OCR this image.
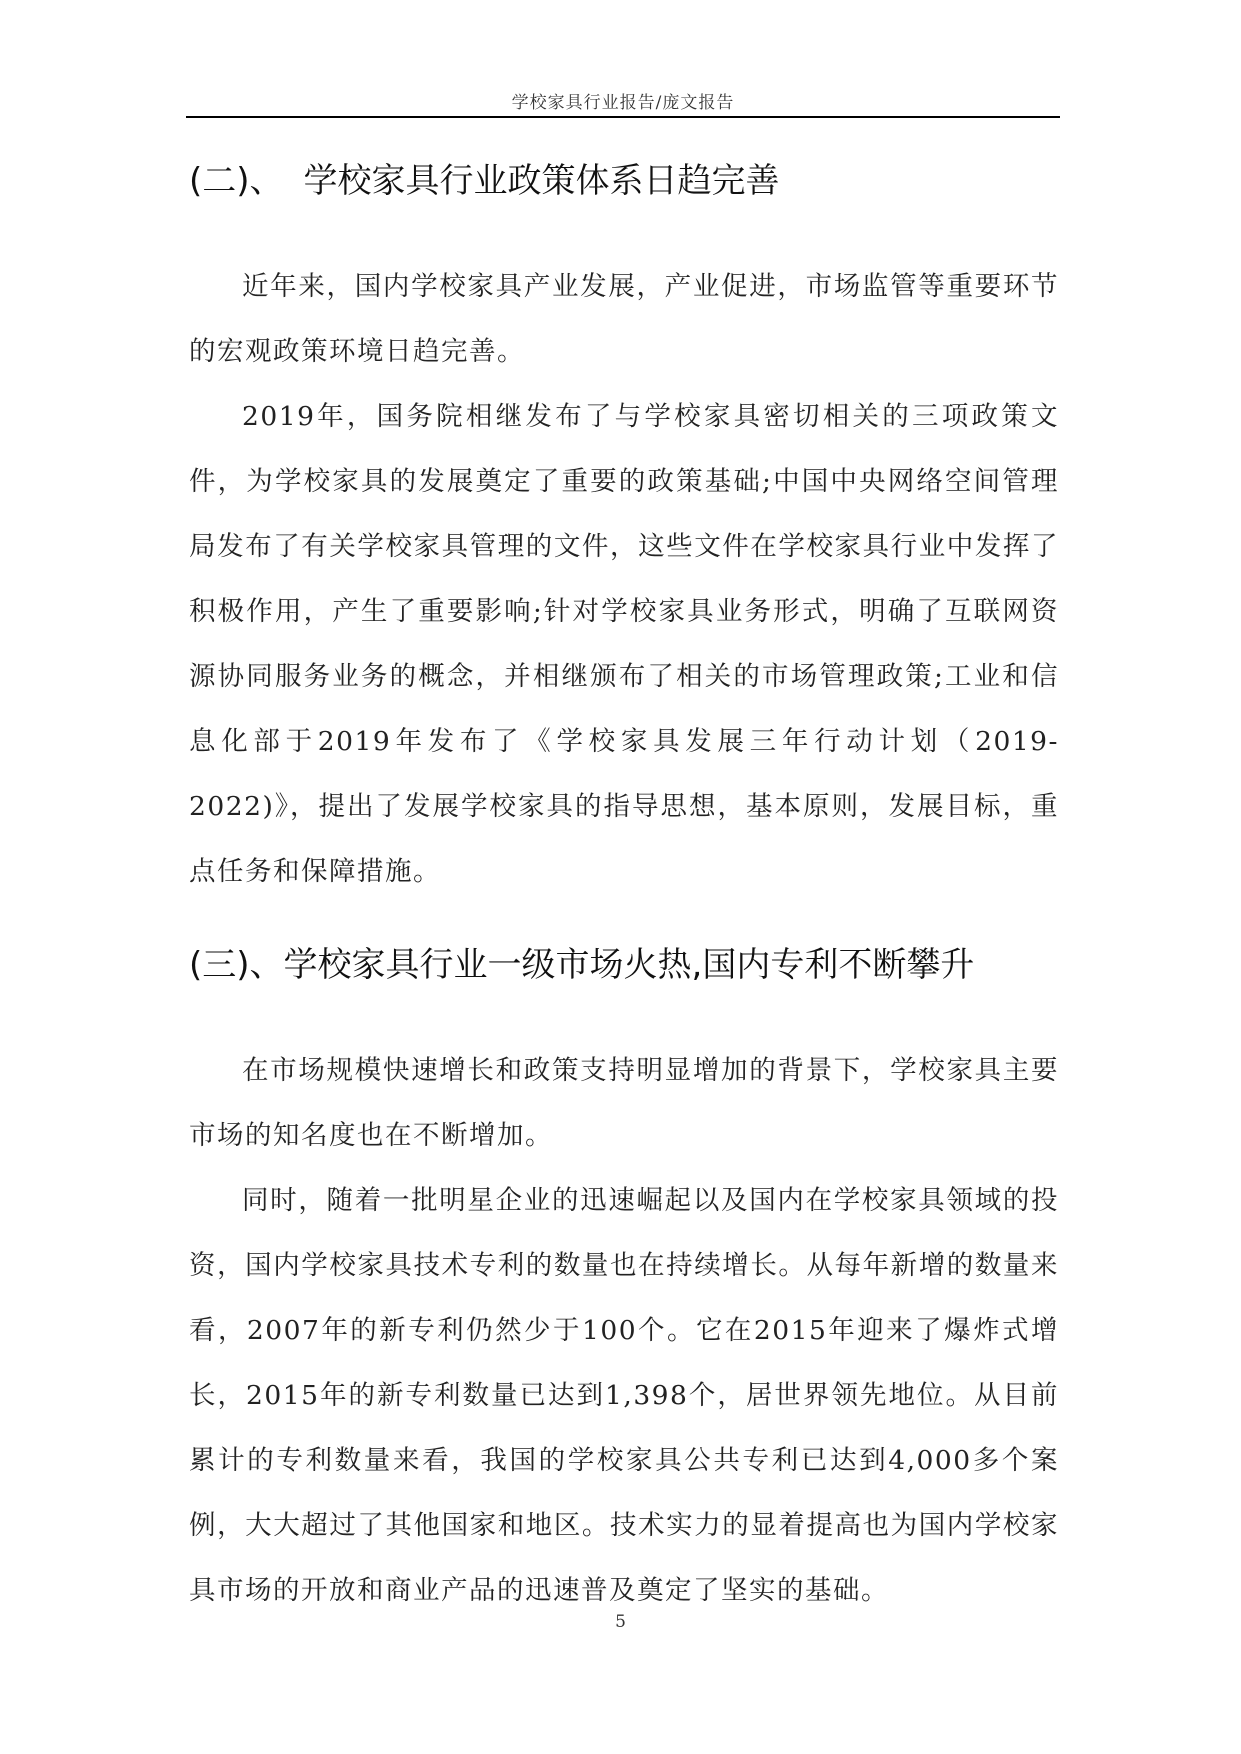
学校家具行业报告/庞文报告
(二)、 学校家具行业政策体系日趋完善

近年来，国内学校家具产业发展，产业促进，市场监管等重要环节的宏观政策环境日趋完善。

2019年，国务院相继发布了与学校家具密切相关的三项政策文件，为学校家具的发展奠定了重要的政策基础;中国中央网络空间管理局发布了有关学校家具管理的文件，这些文件在学校家具行业中发挥了积极作用，产生了重要影响;针对学校家具业务形式，明确了互联网资源协同服务业务的概念，并相继颁布了相关的市场管理政策;工业和信息化部于2019年发布了《学校家具发展三年行动计划（2019-2022)》，提出了发展学校家具的指导思想，基本原则，发展目标，重点任务和保障措施。

(三)、学校家具行业一级市场火热,国内专利不断攀升

在市场规模快速增长和政策支持明显增加的背景下，学校家具主要市场的知名度也在不断增加。

同时，随着一批明星企业的迅速崛起以及国内在学校家具领域的投资，国内学校家具技术专利的数量也在持续增长。从每年新增的数量来看，2007年的新专利仍然少于100个。它在2015年迎来了爆炸式增长，2015年的新专利数量已达到1,398个，居世界领先地位。从目前累计的专利数量来看，我国的学校家具公共专利已达到4,000多个案例，大大超过了其他国家和地区。技术实力的显着提高也为国内学校家具市场的开放和商业产品的迅速普及奠定了坚实的基础。

5
